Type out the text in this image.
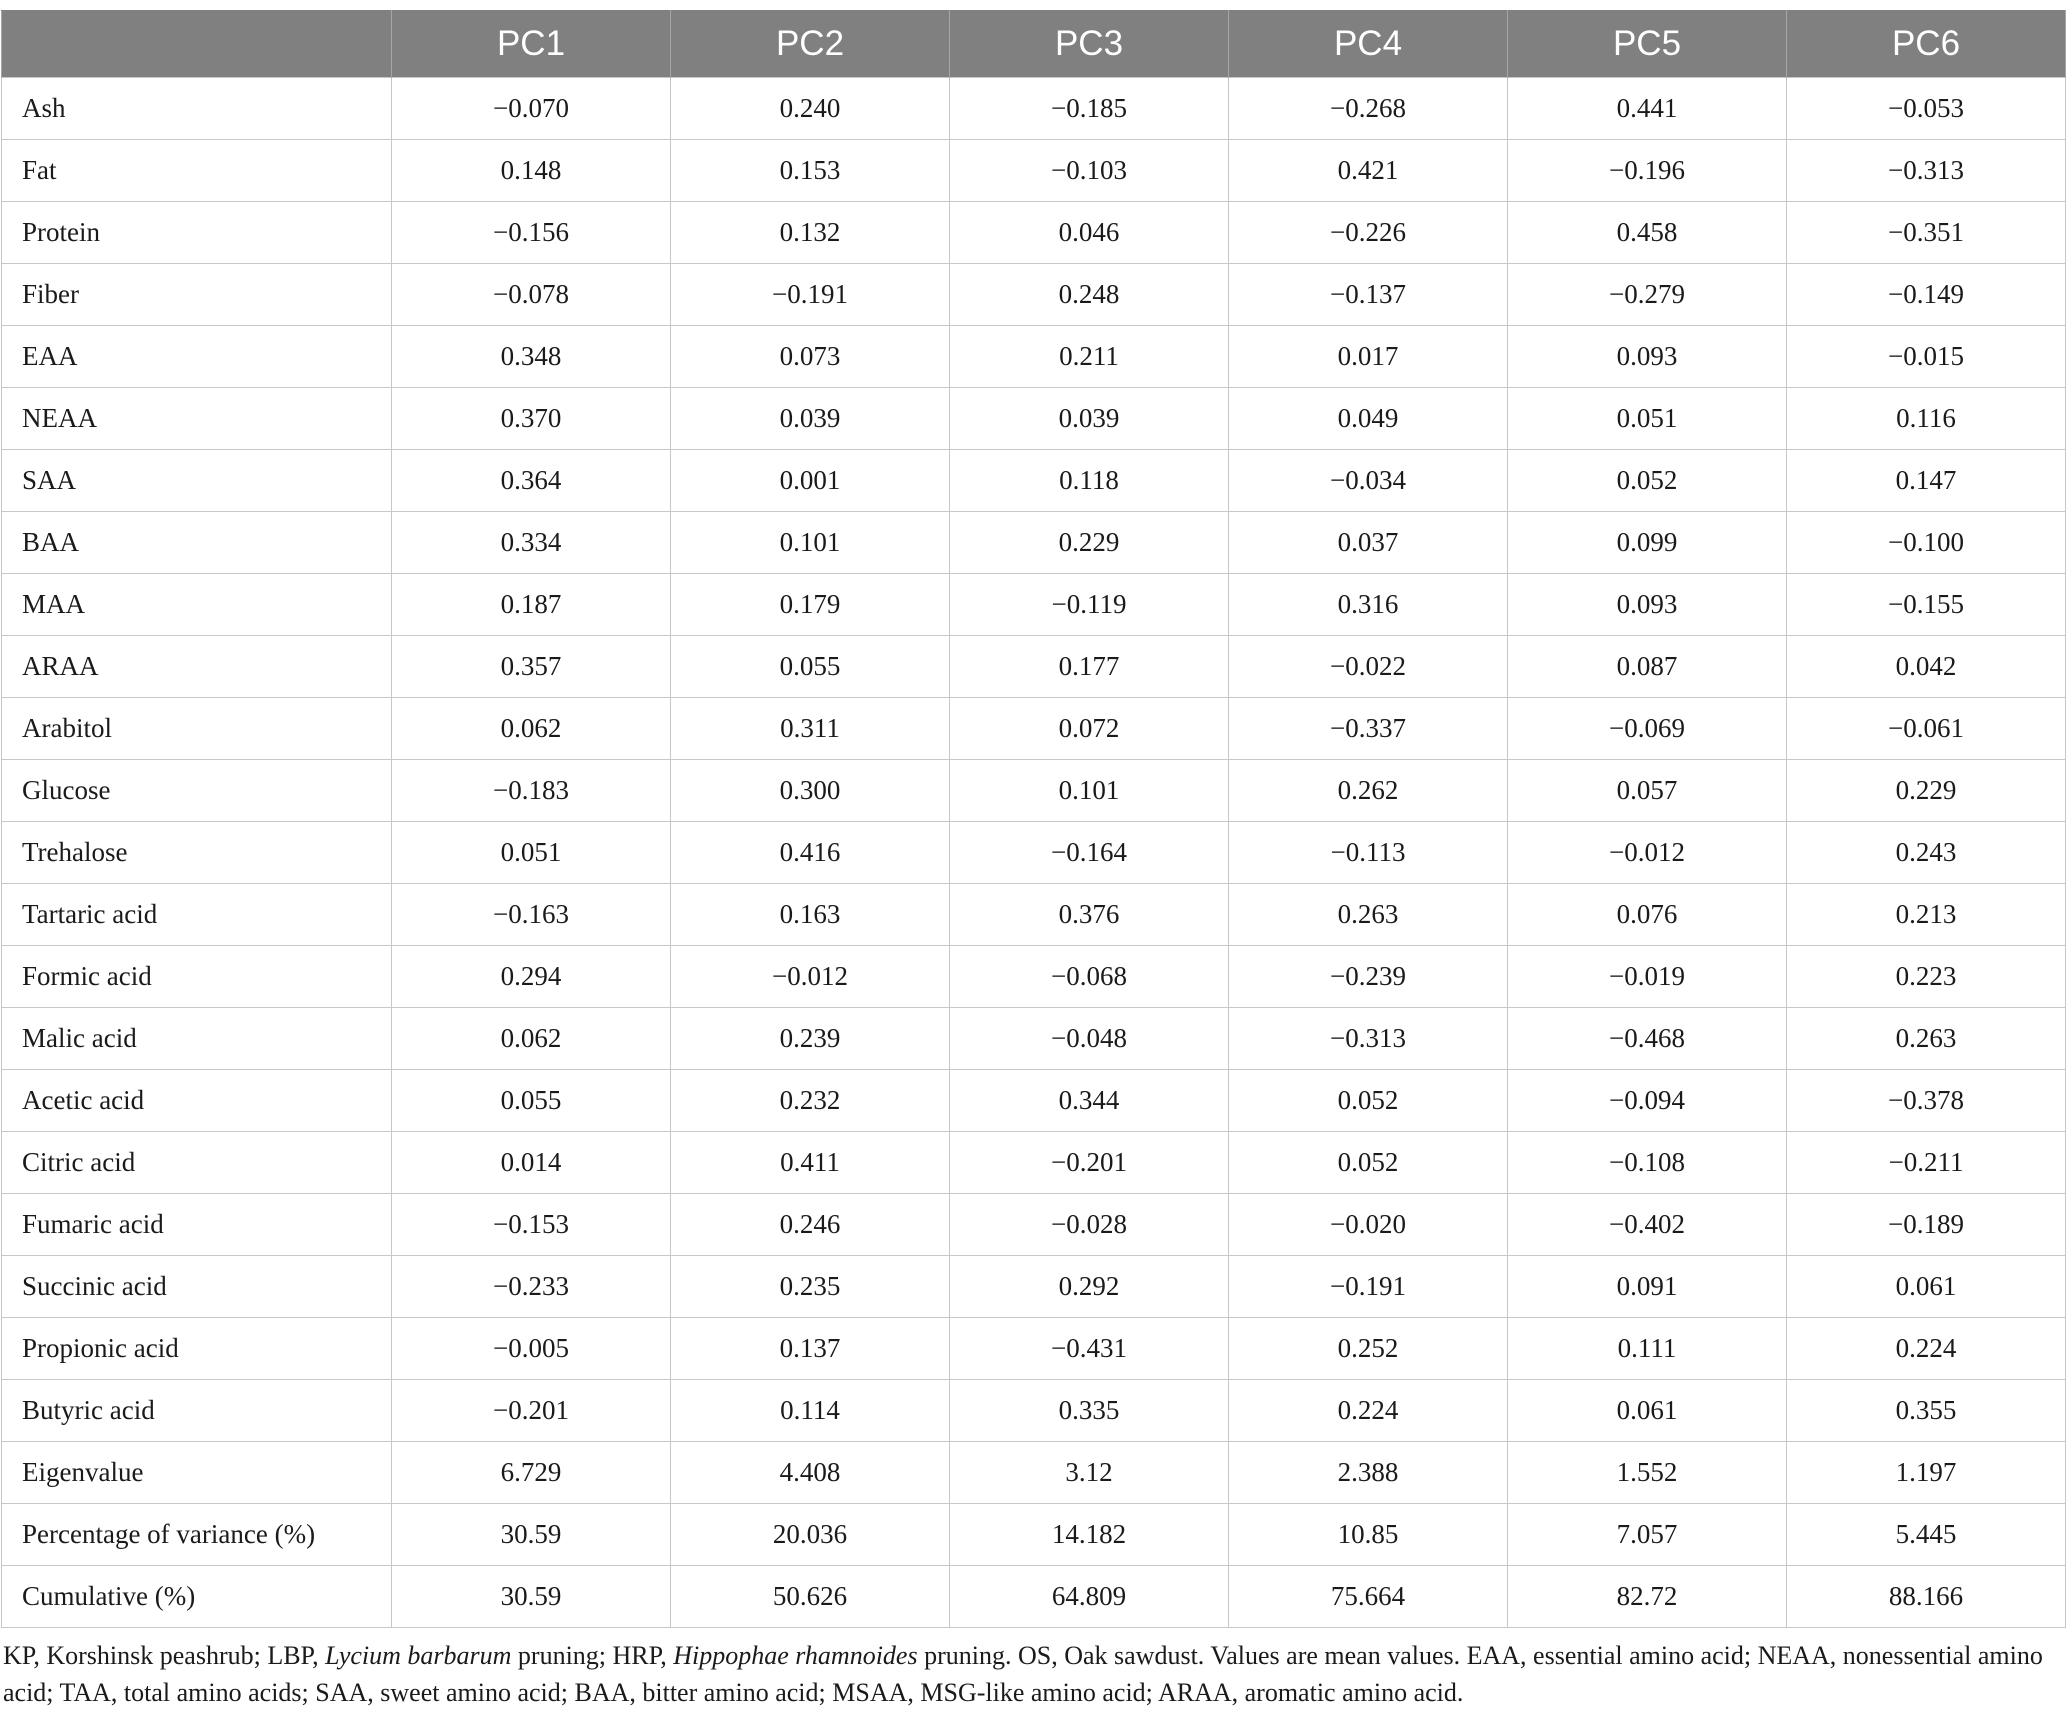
	PC1	PC2	PC3	PC4	PC5	PC6
Ash	−0.070	0.240	−0.185	−0.268	0.441	−0.053
Fat	0.148	0.153	−0.103	0.421	−0.196	−0.313
Protein	−0.156	0.132	0.046	−0.226	0.458	−0.351
Fiber	−0.078	−0.191	0.248	−0.137	−0.279	−0.149
EAA	0.348	0.073	0.211	0.017	0.093	−0.015
NEAA	0.370	0.039	0.039	0.049	0.051	0.116
SAA	0.364	0.001	0.118	−0.034	0.052	0.147
BAA	0.334	0.101	0.229	0.037	0.099	−0.100
MAA	0.187	0.179	−0.119	0.316	0.093	−0.155
ARAA	0.357	0.055	0.177	−0.022	0.087	0.042
Arabitol	0.062	0.311	0.072	−0.337	−0.069	−0.061
Glucose	−0.183	0.300	0.101	0.262	0.057	0.229
Trehalose	0.051	0.416	−0.164	−0.113	−0.012	0.243
Tartaric acid	−0.163	0.163	0.376	0.263	0.076	0.213
Formic acid	0.294	−0.012	−0.068	−0.239	−0.019	0.223
Malic acid	0.062	0.239	−0.048	−0.313	−0.468	0.263
Acetic acid	0.055	0.232	0.344	0.052	−0.094	−0.378
Citric acid	0.014	0.411	−0.201	0.052	−0.108	−0.211
Fumaric acid	−0.153	0.246	−0.028	−0.020	−0.402	−0.189
Succinic acid	−0.233	0.235	0.292	−0.191	0.091	0.061
Propionic acid	−0.005	0.137	−0.431	0.252	0.111	0.224
Butyric acid	−0.201	0.114	0.335	0.224	0.061	0.355
Eigenvalue	6.729	4.408	3.12	2.388	1.552	1.197
Percentage of variance (%)	30.59	20.036	14.182	10.85	7.057	5.445
Cumulative (%)	30.59	50.626	64.809	75.664	82.72	88.166
KP, Korshinsk peashrub; LBP, Lycium barbarum pruning; HRP, Hippophae rhamnoides pruning. OS, Oak sawdust. Values are mean values. EAA, essential amino acid; NEAA, nonessential amino acid; TAA, total amino acids; SAA, sweet amino acid; BAA, bitter amino acid; MSAA, MSG-like amino acid; ARAA, aromatic amino acid.
